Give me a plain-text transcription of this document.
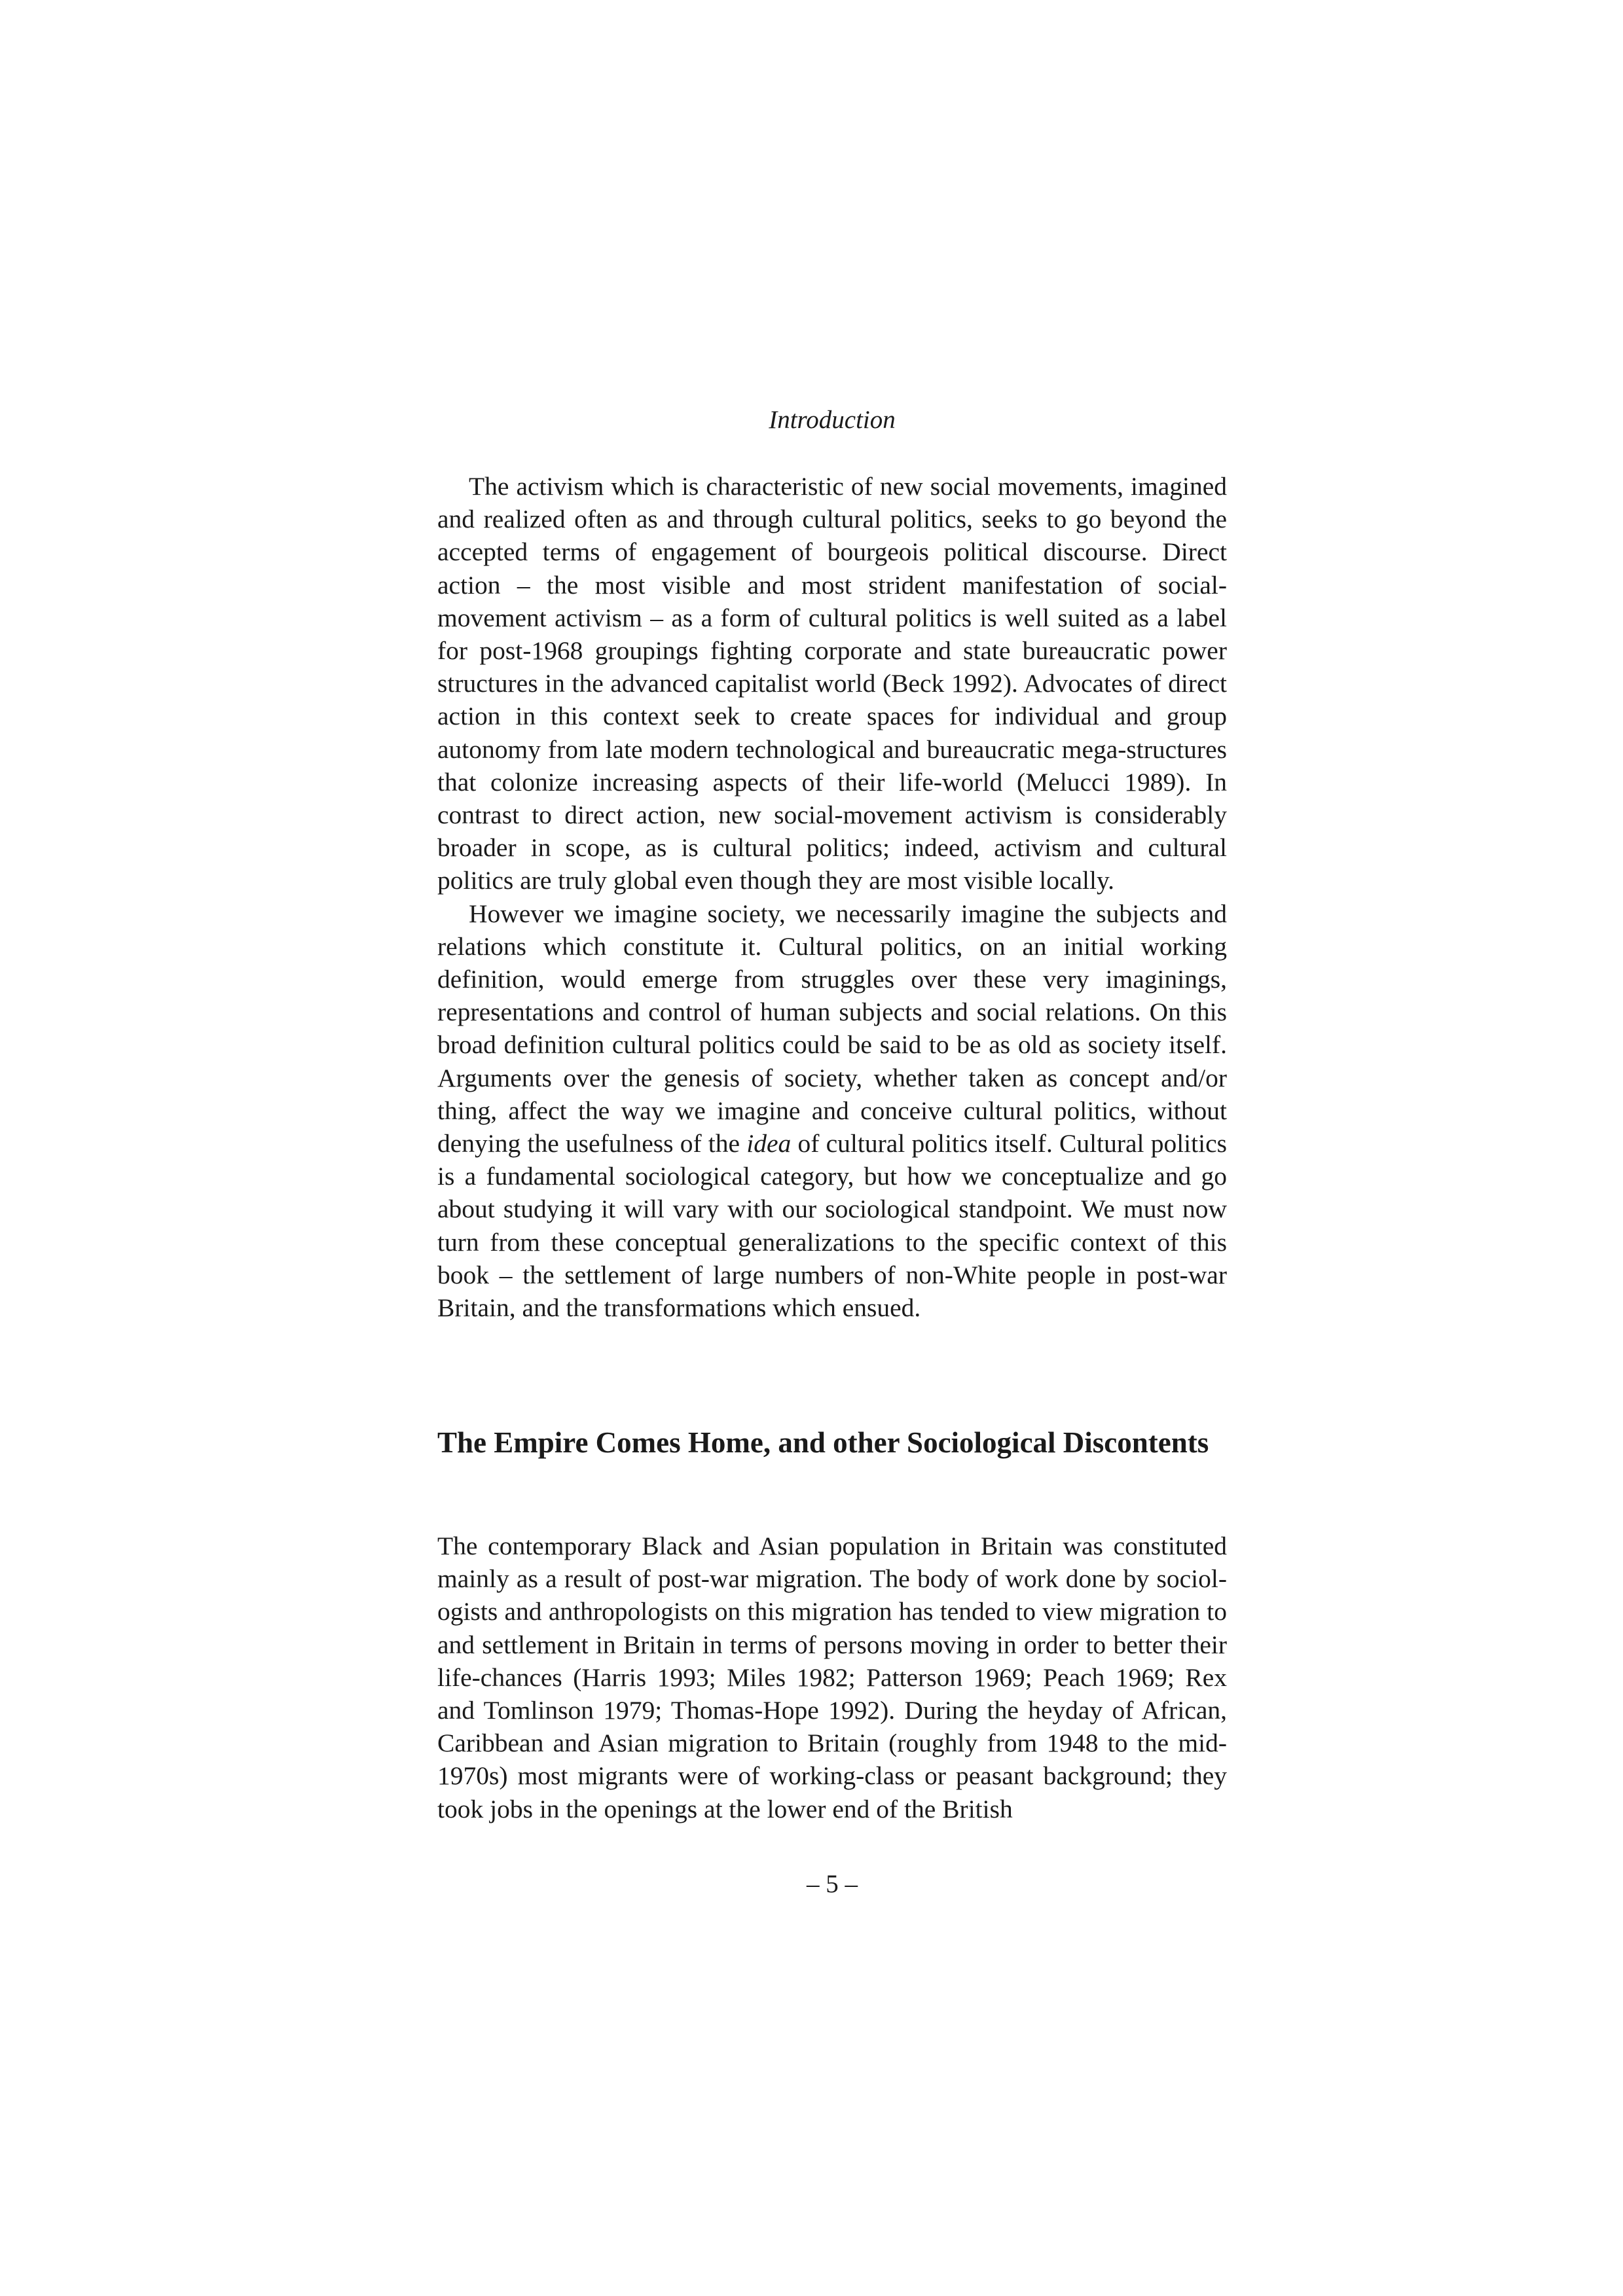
Introduction

The activism which is characteristic of new social movements, imagined and realized often as and through cultural politics, seeks to go beyond the accepted terms of engagement of bourgeois political discourse. Direct action – the most visible and most strident manifestation of social-movement activism – as a form of cultural politics is well suited as a label for post-1968 groupings fighting corporate and state bureaucratic power structures in the advanced capitalist world (Beck 1992). Advocates of direct action in this context seek to create spaces for individual and group autonomy from late modern technological and bureaucratic mega-structures that colonize increasing aspects of their life-world (Melucci 1989). In contrast to direct action, new social-movement activism is considerably broader in scope, as is cultural politics; indeed, activism and cultural politics are truly global even though they are most visible locally.

However we imagine society, we necessarily imagine the subjects and relations which constitute it. Cultural politics, on an initial working definition, would emerge from struggles over these very imaginings, representations and control of human subjects and social relations. On this broad definition cultural politics could be said to be as old as society itself. Arguments over the genesis of society, whether taken as concept and/or thing, affect the way we imagine and conceive cultural politics, without denying the usefulness of the idea of cultural politics itself. Cultural politics is a fundamental sociological category, but how we conceptualize and go about studying it will vary with our sociological standpoint. We must now turn from these conceptual generalizations to the specific context of this book – the settlement of large numbers of non-White people in post-war Britain, and the transformations which ensued.

The Empire Comes Home, and other Sociological Discontents

The contemporary Black and Asian population in Britain was constituted mainly as a result of post-war migration. The body of work done by sociologists and anthropologists on this migration has tended to view migration to and settlement in Britain in terms of persons moving in order to better their life-chances (Harris 1993; Miles 1982; Patterson 1969; Peach 1969; Rex and Tomlinson 1979; Thomas-Hope 1992). During the heyday of African, Caribbean and Asian migration to Britain (roughly from 1948 to the mid-1970s) most migrants were of working-class or peasant background; they took jobs in the openings at the lower end of the British

– 5 –
